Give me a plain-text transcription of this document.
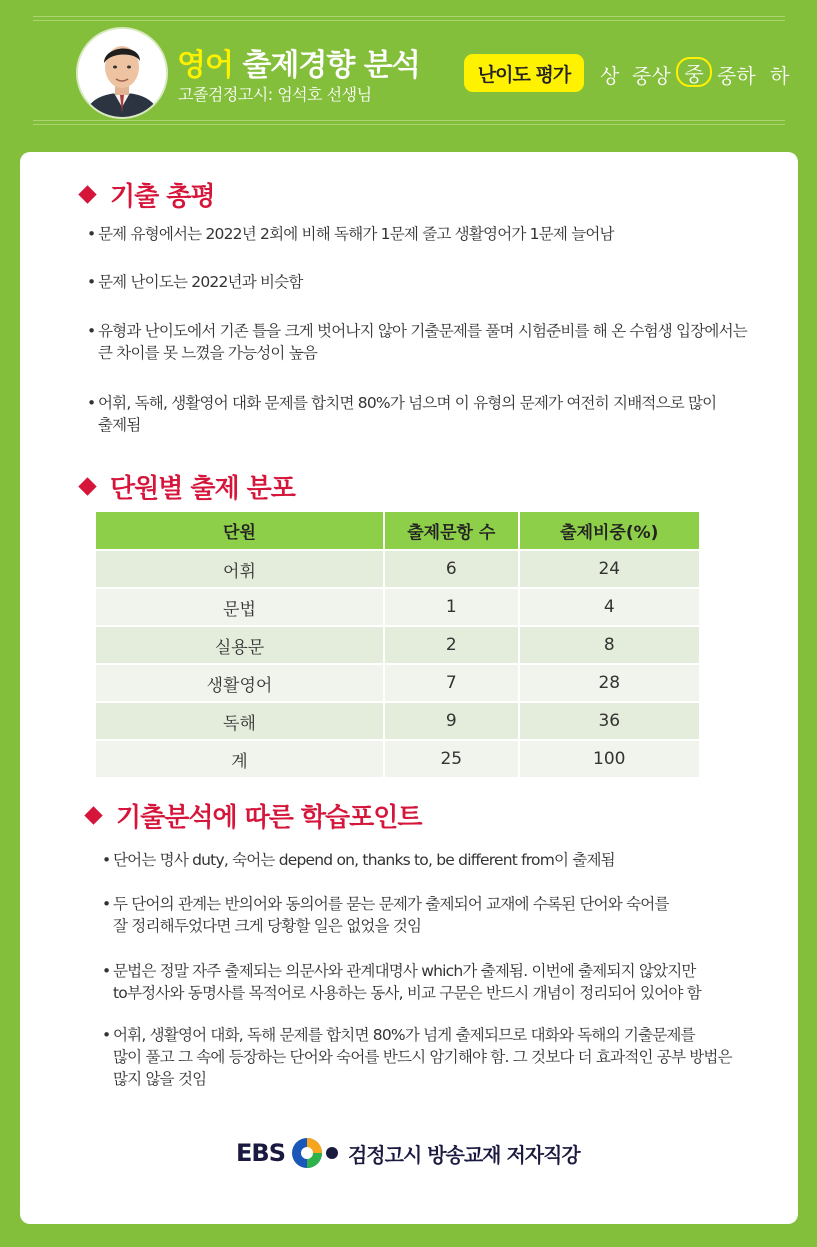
영어 출제경향 분석
고졸검정고시: 엄석호 선생님
난이도 평가	상 중상 중 중하 하
기출 총평
• 문제 유형에서는 2022년 2회에 비해 독해가 1문제 줄고 생활영어가 1문제 늘어남
• 문제 난이도는 2022년과 비슷함
• 유형과 난이도에서 기존 틀을 크게 벗어나지 않아 기출문제를 풀며 시험준비를 해 온 수험생 입장에서는
큰 차이를 못 느꼈을 가능성이 높음
• 어휘, 독해, 생활영어 대화 문제를 합치면 80%가 넘으며 이 유형의 문제가 여전히 지배적으로 많이
출제됨
단원별 출제 분포
단원	출제문항 수	출제비중(%)
어휘	6	24
문법	1	4
실용문	2	8
생활영어	7	28
독해	9	36
계	25	100
기출분석에 따른 학습포인트
• 단어는 명사 duty, 숙어는 depend on, thanks to, be different from이 출제됨
• 두 단어의 관계는 반의어와 동의어를 묻는 문제가 출제되어 교재에 수록된 단어와 숙어를
잘 정리해두었다면 크게 당황할 일은 없었을 것임
• 문법은 정말 자주 출제되는 의문사와 관계대명사 which가 출제됨. 이번에 출제되지 않았지만
to부정사와 동명사를 목적어로 사용하는 동사, 비교 구문은 반드시 개념이 정리되어 있어야 함
• 어휘, 생활영어 대화, 독해 문제를 합치면 80%가 넘게 출제되므로 대화와 독해의 기출문제를
많이 풀고 그 속에 등장하는 단어와 숙어를 반드시 암기해야 함. 그 것보다 더 효과적인 공부 방법은
많지 않을 것임
EBS	검정고시 방송교재 저자직강
